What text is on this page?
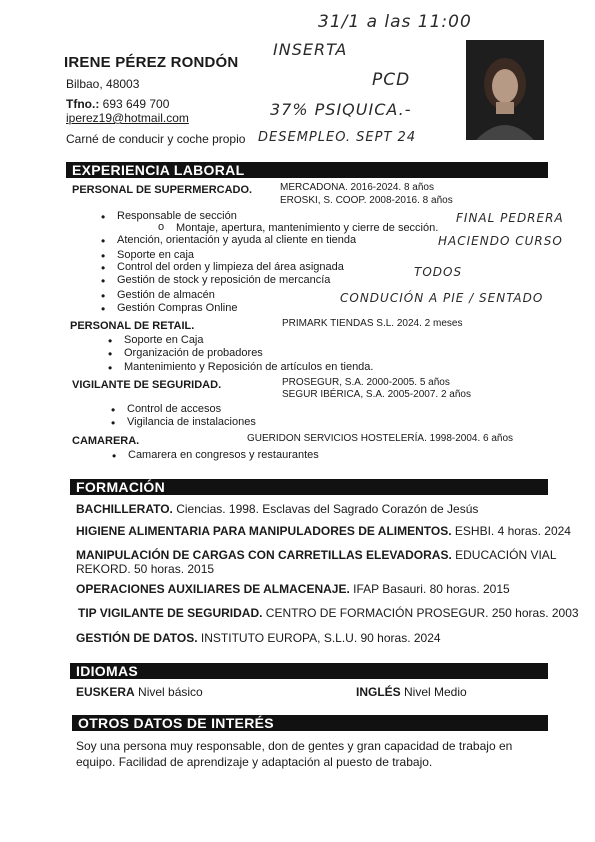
IRENE PÉREZ RONDÓN
Bilbao, 48003
Tfno.: 693 649 700
iperez19@hotmail.com
Carné de conducir y coche propio
31/1 a las 11:00
INSERTA
PCD
37% PSIQUICA.-
DESEMPLEO. SEPT 24
FINAL PEDRERA
HACIENDO CURSO
TODOS
CONDUCIÓN A PIE / SENTADO
EXPERIENCIA LABORAL
PERSONAL DE SUPERMERCADO.	MERCADONA. 2016-2024. 8 años
EROSKI, S. COOP. 2008-2016. 8 años
• Responsable de sección
o Montaje, apertura, mantenimiento y cierre de sección.
• Atención, orientación y ayuda al cliente en tienda
• Soporte en caja
• Control del orden y limpieza del área asignada
• Gestión de stock y reposición de mercancía
• Gestión de almacén
• Gestión Compras Online
PERSONAL DE RETAIL.	PRIMARK TIENDAS S.L. 2024. 2 meses
• Soporte en Caja
• Organización de probadores
• Mantenimiento y Reposición de artículos en tienda.
VIGILANTE DE SEGURIDAD.	PROSEGUR, S.A. 2000-2005. 5 años
SEGUR IBÉRICA, S.A. 2005-2007. 2 años
• Control de accesos
• Vigilancia de instalaciones
CAMARERA.	GUERIDON SERVICIOS HOSTELERÍA. 1998-2004. 6 años
• Camarera en congresos y restaurantes
FORMACIÓN
BACHILLERATO. Ciencias. 1998. Esclavas del Sagrado Corazón de Jesús
HIGIENE ALIMENTARIA PARA MANIPULADORES DE ALIMENTOS. ESHBI. 4 horas. 2024
MANIPULACIÓN DE CARGAS CON CARRETILLAS ELEVADORAS. EDUCACIÓN VIAL
REKORD. 50 horas. 2015
OPERACIONES AUXILIARES DE ALMACENAJE. IFAP Basauri. 80 horas. 2015
TIP VIGILANTE DE SEGURIDAD. CENTRO DE FORMACIÓN PROSEGUR. 250 horas. 2003
GESTIÓN DE DATOS. INSTITUTO EUROPA, S.L.U. 90 horas. 2024
IDIOMAS
EUSKERA Nivel básico	INGLÉS Nivel Medio
OTROS DATOS DE INTERÉS
Soy una persona muy responsable, don de gentes y gran capacidad de trabajo en equipo. Facilidad de aprendizaje y adaptación al puesto de trabajo.
